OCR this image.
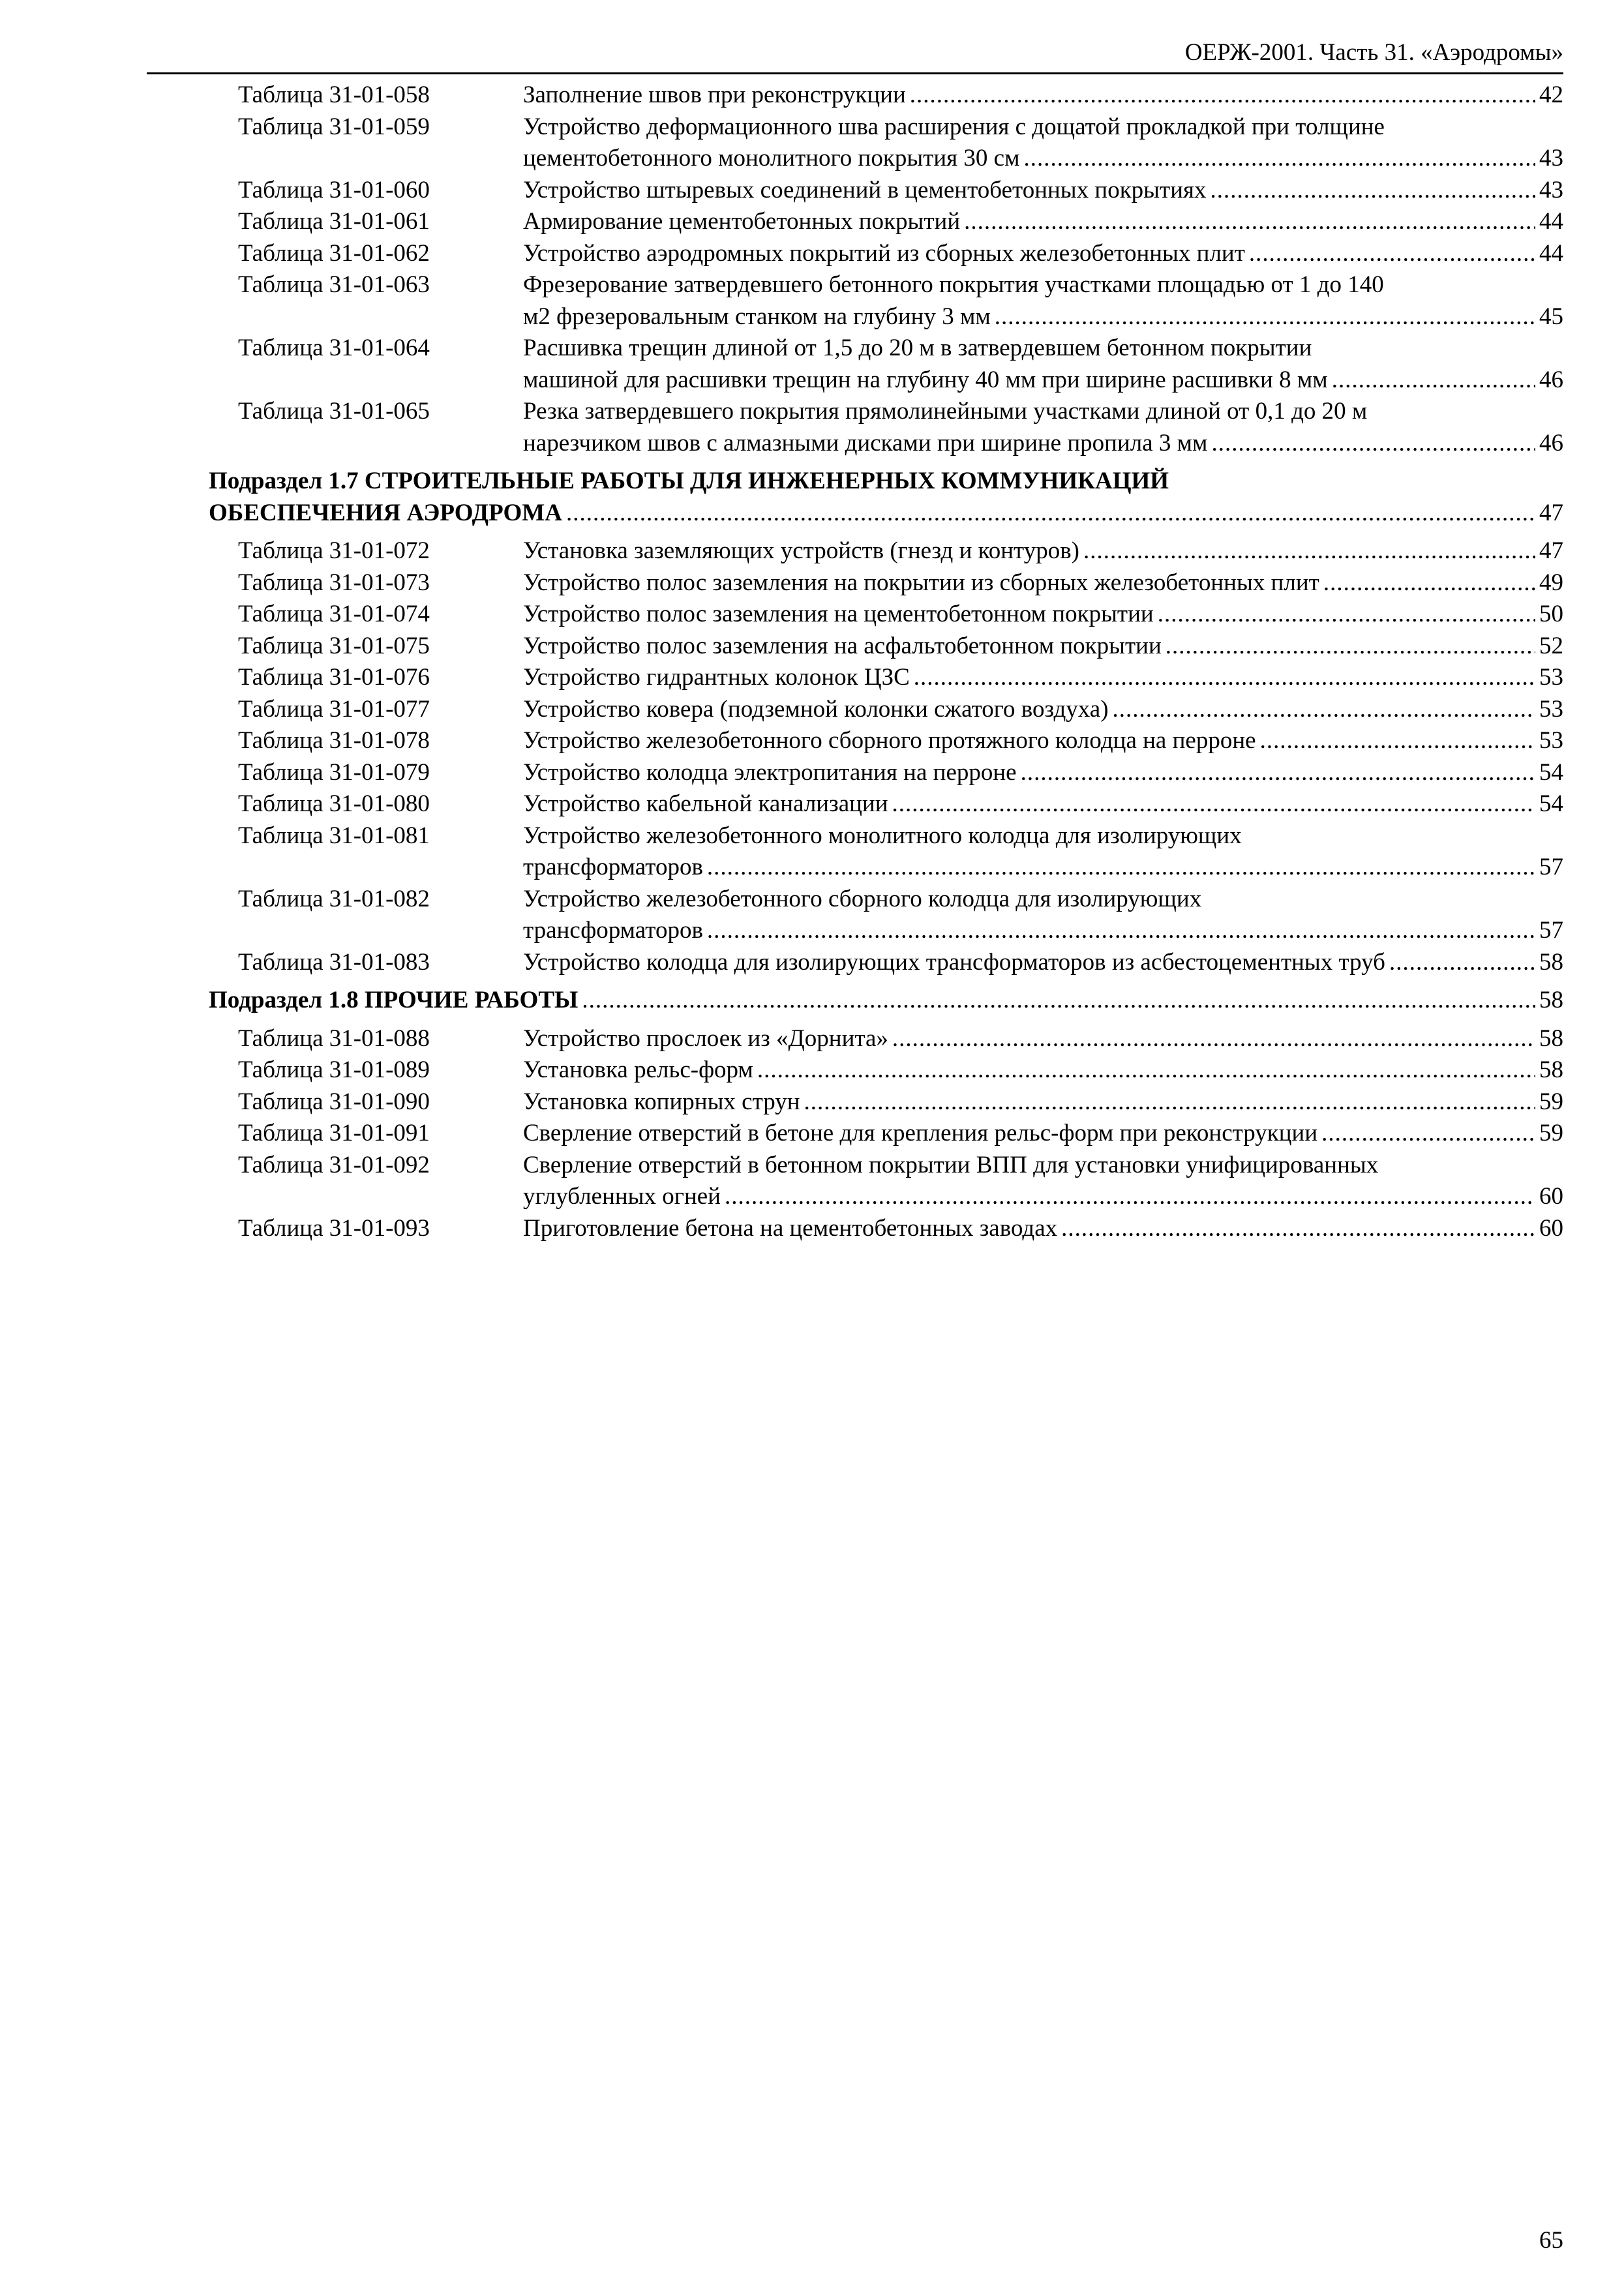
ОЕРЖ-2001. Часть 31. «Аэродромы»
Таблица 31-01-058	Заполнение швов при реконструкции .....	42
Таблица 31-01-059	Устройство деформационного шва расширения с дощатой прокладкой при толщине
цементобетонного монолитного покрытия 30 см .....	43
Таблица 31-01-060	Устройство штыревых соединений в цементобетонных покрытиях .....	43
Таблица 31-01-061	Армирование цементобетонных покрытий .....	44
Таблица 31-01-062	Устройство аэродромных покрытий из сборных железобетонных плит .....	44
Таблица 31-01-063	Фрезерование затвердевшего бетонного покрытия участками площадью от 1 до 140
м2 фрезеровальным станком на глубину 3 мм .....	45
Таблица 31-01-064	Расшивка трещин длиной от 1,5 до 20 м в затвердевшем бетонном покрытии
машиной для расшивки трещин на глубину 40 мм при ширине расшивки 8 мм .....	46
Таблица 31-01-065	Резка затвердевшего покрытия прямолинейными участками длиной от 0,1 до 20 м
нарезчиком швов с алмазными дисками при ширине пропила 3 мм .....	46
Подраздел 1.7 СТРОИТЕЛЬНЫЕ РАБОТЫ ДЛЯ ИНЖЕНЕРНЫХ КОММУНИКАЦИЙ
ОБЕСПЕЧЕНИЯ АЭРОДРОМА .....	47
Таблица 31-01-072	Установка заземляющих устройств (гнезд и контуров) .....	47
Таблица 31-01-073	Устройство полос заземления на покрытии из сборных железобетонных плит .....	49
Таблица 31-01-074	Устройство полос заземления на цементобетонном покрытии .....	50
Таблица 31-01-075	Устройство полос заземления на асфальтобетонном покрытии .....	52
Таблица 31-01-076	Устройство гидрантных колонок ЦЗС .....	53
Таблица 31-01-077	Устройство ковера (подземной колонки сжатого воздуха) .....	53
Таблица 31-01-078	Устройство железобетонного сборного протяжного колодца на перроне .....	53
Таблица 31-01-079	Устройство колодца электропитания на перроне .....	54
Таблица 31-01-080	Устройство кабельной канализации .....	54
Таблица 31-01-081	Устройство железобетонного монолитного колодца для изолирующих
трансформаторов .....	57
Таблица 31-01-082	Устройство железобетонного сборного колодца для изолирующих
трансформаторов .....	57
Таблица 31-01-083	Устройство колодца для изолирующих трансформаторов из асбестоцементных труб .....	58
Подраздел 1.8 ПРОЧИЕ РАБОТЫ .....	58
Таблица 31-01-088	Устройство прослоек из «Дорнита» .....	58
Таблица 31-01-089	Установка рельс-форм .....	58
Таблица 31-01-090	Установка копирных струн .....	59
Таблица 31-01-091	Сверление отверстий в бетоне для крепления рельс-форм при реконструкции .....	59
Таблица 31-01-092	Сверление отверстий в бетонном покрытии ВПП для установки унифицированных
углубленных огней .....	60
Таблица 31-01-093	Приготовление бетона на цементобетонных заводах .....	60
65
